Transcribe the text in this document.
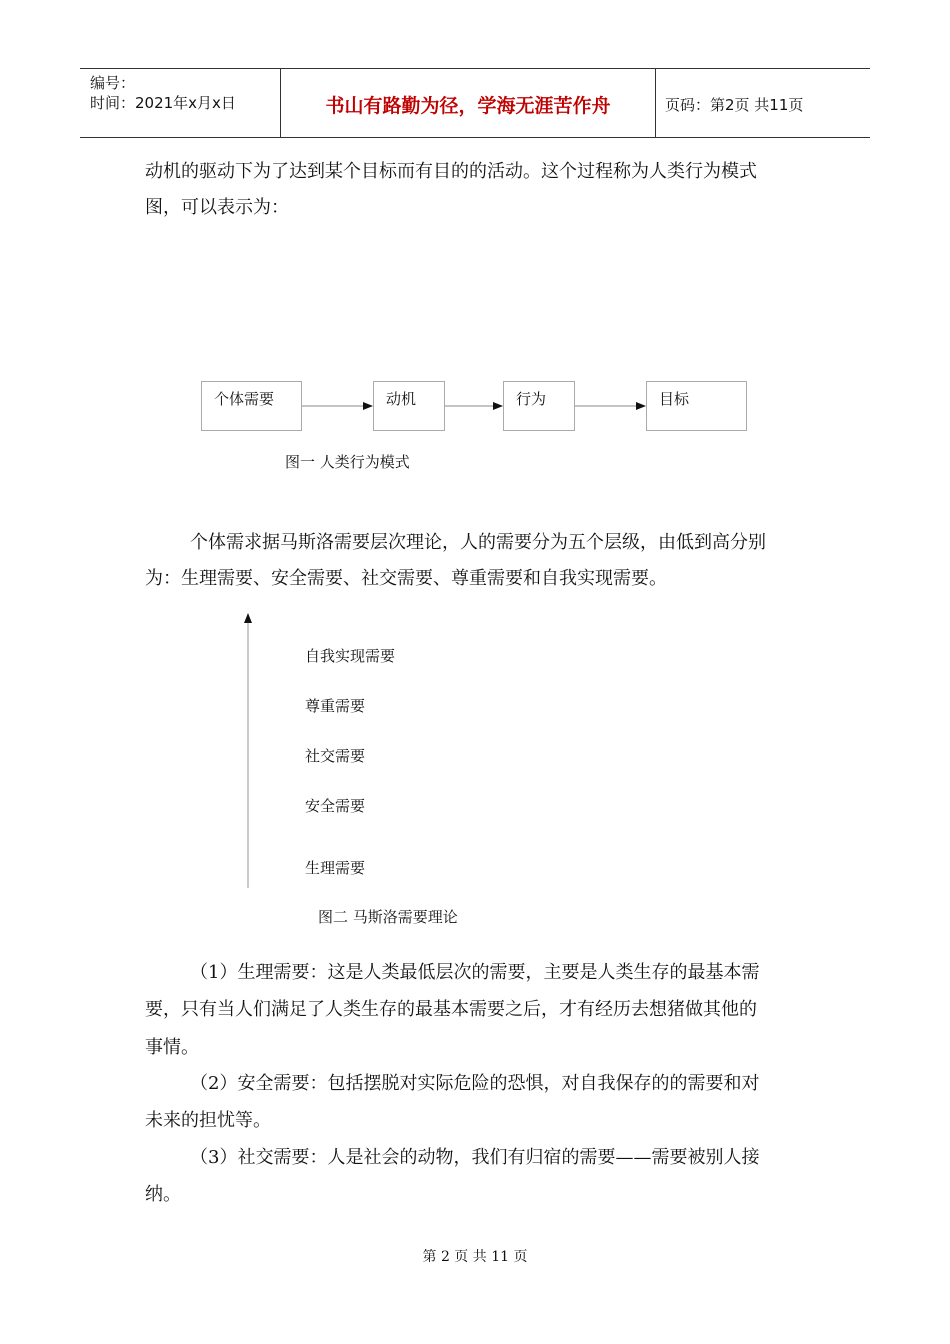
编号：
时间：2021年x月x日	书山有路勤为径，学海无涯苦作舟	页码：第2页 共11页
动机的驱动下为了达到某个目标而有目的的活动。这个过程称为人类行为模式
图，可以表示为：
个体需要	动机	行为	目标
图一 人类行为模式
个体需求据马斯洛需要层次理论，人的需要分为五个层级，由低到高分别
为：生理需要、安全需要、社交需要、尊重需要和自我实现需要。
自我实现需要
尊重需要
社交需要
安全需要
生理需要
图二 马斯洛需要理论
（1）生理需要：这是人类最低层次的需要，主要是人类生存的最基本需
要，只有当人们满足了人类生存的最基本需要之后，才有经历去想猪做其他的
事情。
（2）安全需要：包括摆脱对实际危险的恐惧，对自我保存的的需要和对
未来的担忧等。
（3）社交需要：人是社会的动物，我们有归宿的需要——需要被别人接
纳。
第 2 页 共 11 页
